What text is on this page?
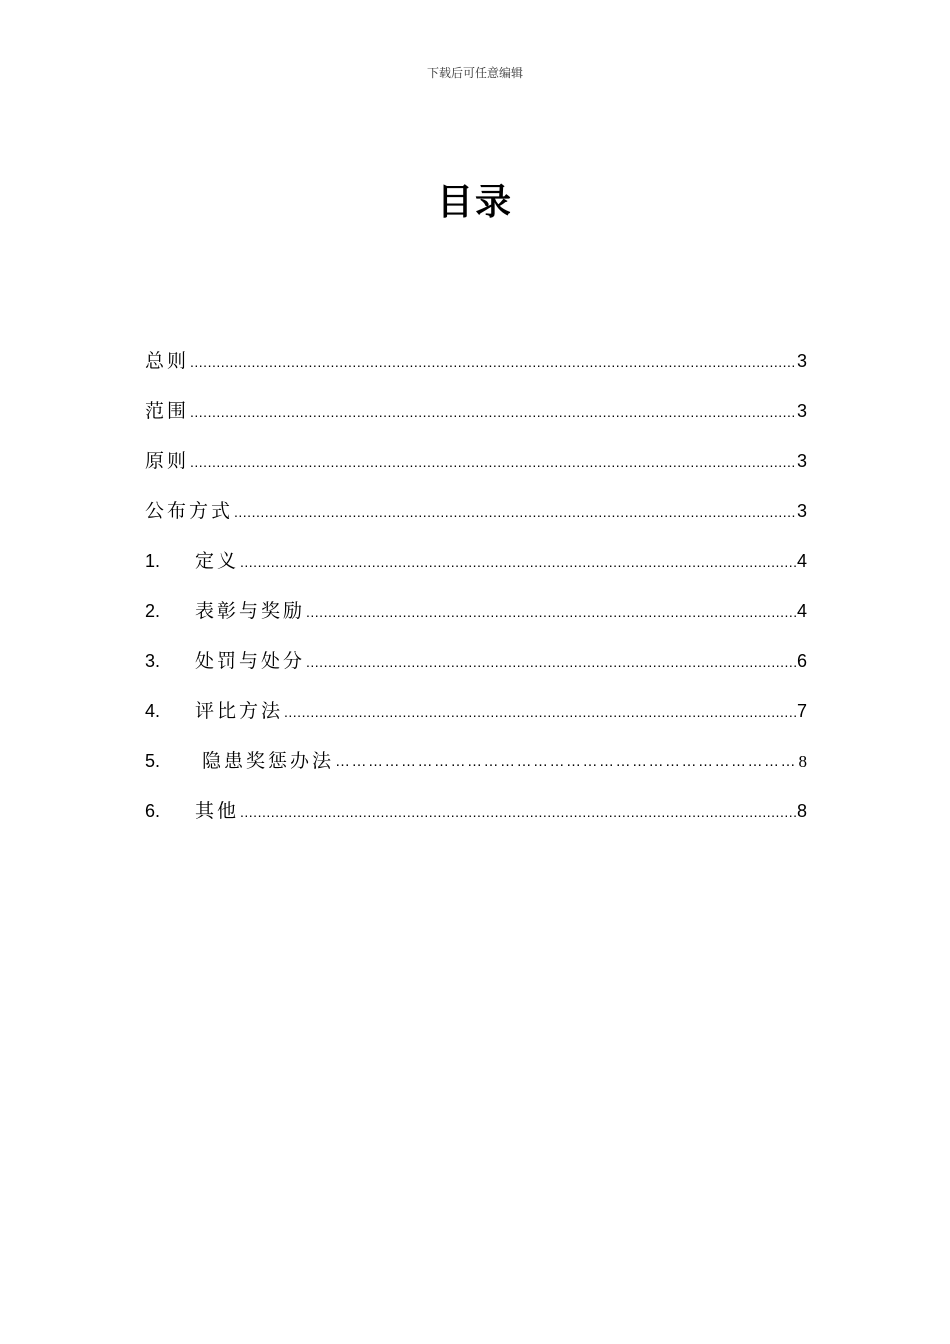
下载后可任意编辑
目录
总则 .....	3
范围 .....	3
原则 .....	3
公布方式 .....	3
1.	定义 .....	4
2.	表彰与奖励 .....	4
3.	处罚与处分 .....	6
4.	评比方法 .....	7
5.	隐患奖惩办法 …………………………………………………………………………………………………………………………………………………………………………………………………………………………	8
6.	其他 .....	8
